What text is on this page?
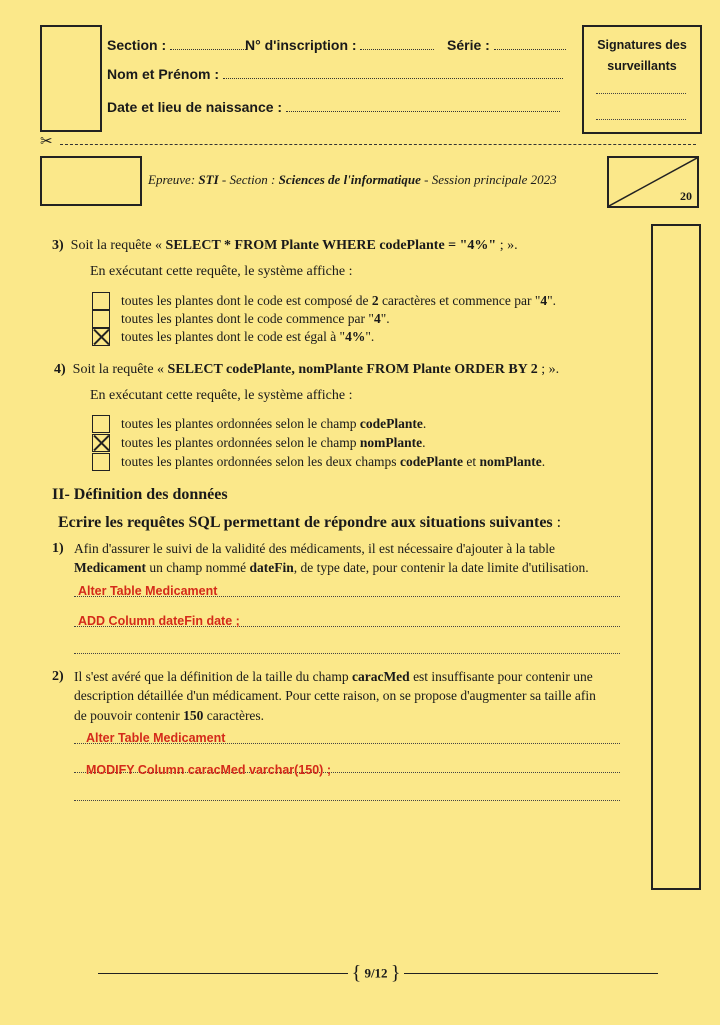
Section :	N° d'inscription :	Série :
Nom et Prénom :
Date et lieu de naissance :
Signatures des surveillants
✂
Epreuve: STI - Section : Sciences de l'informatique - Session principale 2023
20
3) Soit la requête « SELECT * FROM Plante WHERE codePlante = "4%" ; ».
En exécutant cette requête, le système affiche :
toutes les plantes dont le code est composé de 2 caractères et commence par "4".
toutes les plantes dont le code commence par "4".
toutes les plantes dont le code est égal à "4%".
4) Soit la requête « SELECT codePlante, nomPlante FROM Plante ORDER BY 2 ; ».
En exécutant cette requête, le système affiche :
toutes les plantes ordonnées selon le champ codePlante.
toutes les plantes ordonnées selon le champ nomPlante.
toutes les plantes ordonnées selon les deux champs codePlante et nomPlante.
II- Définition des données
Ecrire les requêtes SQL permettant de répondre aux situations suivantes :
1) Afin d'assurer le suivi de la validité des médicaments, il est nécessaire d'ajouter à la table
Medicament un champ nommé dateFin, de type date, pour contenir la date limite d'utilisation.
Alter Table Medicament
ADD Column dateFin date ;
2) Il s'est avéré que la définition de la taille du champ caracMed est insuffisante pour contenir une
description détaillée d'un médicament. Pour cette raison, on se propose d'augmenter sa taille afin
de pouvoir contenir 150 caractères.
Alter Table Medicament
MODIFY Column caracMed varchar(150) ;
{ 9/12 }
